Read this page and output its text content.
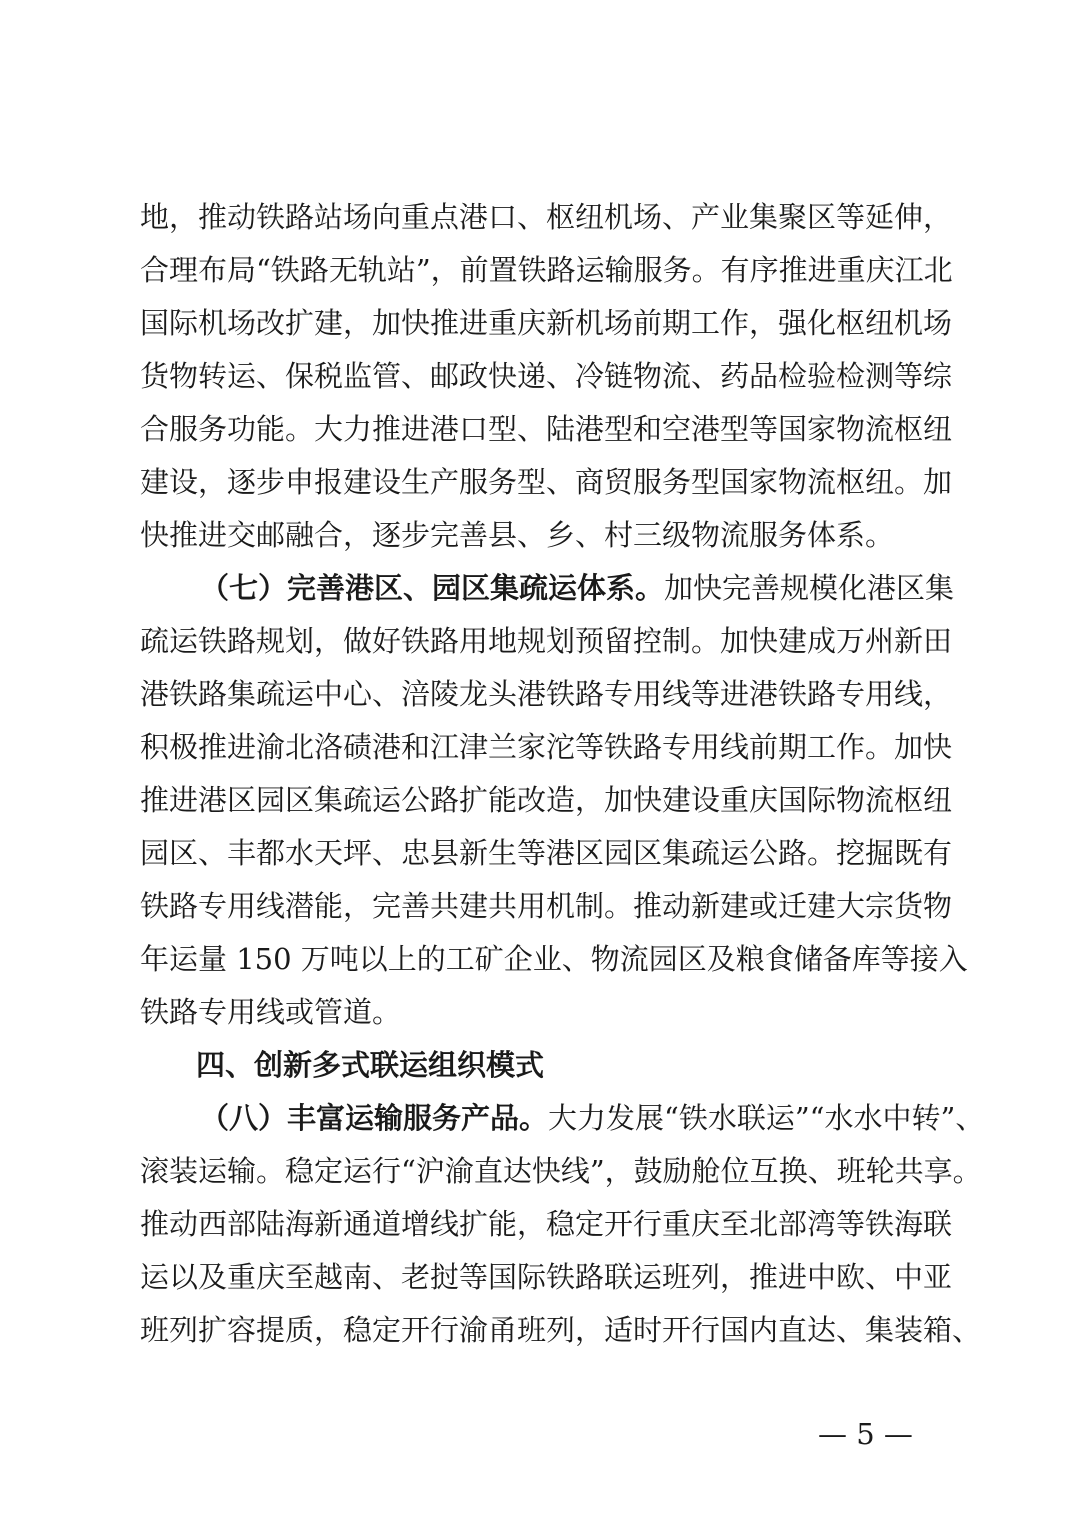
地，推动铁路站场向重点港口、枢纽机场、产业集聚区等延伸，
合理布局“铁路无轨站”，前置铁路运输服务。有序推进重庆江北
国际机场改扩建，加快推进重庆新机场前期工作，强化枢纽机场
货物转运、保税监管、邮政快递、冷链物流、药品检验检测等综
合服务功能。大力推进港口型、陆港型和空港型等国家物流枢纽
建设，逐步申报建设生产服务型、商贸服务型国家物流枢纽。加
快推进交邮融合，逐步完善县、乡、村三级物流服务体系。
（七）完善港区、园区集疏运体系。加快完善规模化港区集
疏运铁路规划，做好铁路用地规划预留控制。加快建成万州新田
港铁路集疏运中心、涪陵龙头港铁路专用线等进港铁路专用线，
积极推进渝北洛碛港和江津兰家沱等铁路专用线前期工作。加快
推进港区园区集疏运公路扩能改造，加快建设重庆国际物流枢纽
园区、丰都水天坪、忠县新生等港区园区集疏运公路。挖掘既有
铁路专用线潜能，完善共建共用机制。推动新建或迁建大宗货物
年运量 150 万吨以上的工矿企业、物流园区及粮食储备库等接入
铁路专用线或管道。
四、创新多式联运组织模式
（八）丰富运输服务产品。大力发展“铁水联运”“水水中转”、
滚装运输。稳定运行“沪渝直达快线”，鼓励舱位互换、班轮共享。
推动西部陆海新通道增线扩能，稳定开行重庆至北部湾等铁海联
运以及重庆至越南、老挝等国际铁路联运班列，推进中欧、中亚
班列扩容提质，稳定开行渝甬班列，适时开行国内直达、集装箱、
— 5 —
